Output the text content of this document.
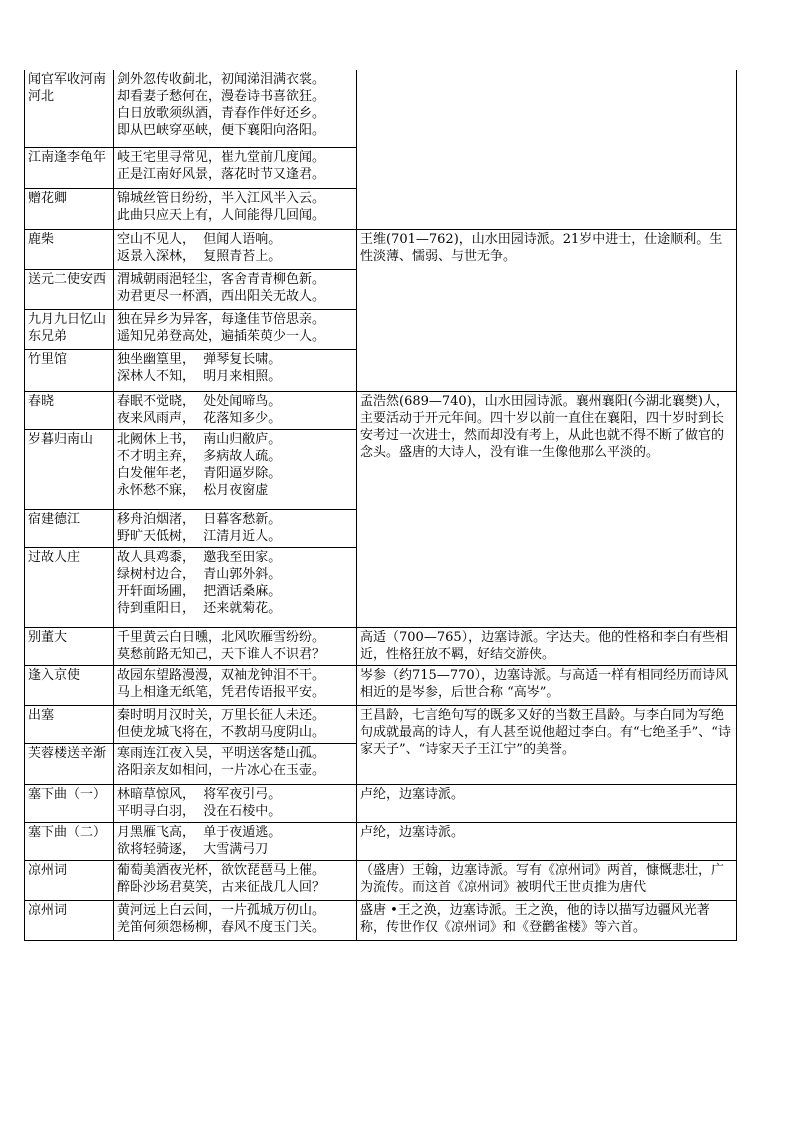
闻官军收河南河北	剑外忽传收蓟北，初闻涕泪满衣裳。
却看妻子愁何在，漫卷诗书喜欲狂。
白日放歌须纵酒，青春作伴好还乡。
即从巴峡穿巫峡，便下襄阳向洛阳。	

江南逢李龟年	岐王宅里寻常见，崔九堂前几度闻。
正是江南好风景，落花时节又逢君。	

赠花卿	锦城丝管日纷纷，半入江风半入云。
此曲只应天上有，人间能得几回闻。	

鹿柴	空山不见人，  但闻人语响。
返景入深林，  复照青苔上。	王维(701—762)，山水田园诗派。21岁中进士，仕途顺利。生性淡薄、懦弱、与世无争。
送元二使安西	渭城朝雨浥轻尘，客舍青青柳色新。
劝君更尽一杯酒，西出阳关无故人。	

九月九日忆山东兄弟	独在异乡为异客，每逢佳节倍思亲。
遥知兄弟登高处，遍插茱萸少一人。	

竹里馆	独坐幽篁里，  弹琴复长啸。
深林人不知，  明月来相照。	

春晓	春眠不觉晓，  处处闻啼鸟。
夜来风雨声，  花落知多少。	孟浩然(689—740)，山水田园诗派。襄州襄阳(今湖北襄樊)人，主要活动于开元年间。四十岁以前一直住在襄阳，四十岁时到长安考过一次进士，然而却没有考上，从此也就不得不断了做官的念头。盛唐的大诗人，没有谁一生像他那么平淡的。
岁暮归南山	北阙休上书，  南山归敝庐。
不才明主弃，  多病故人疏。
白发催年老，  青阳逼岁除。
永怀愁不寐，  松月夜窗虚	

宿建德江	移舟泊烟渚，  日暮客愁新。
野旷天低树，  江清月近人。	

过故人庄	故人具鸡黍，  邀我至田家。
绿树村边合，  青山郭外斜。
开轩面场圃，  把酒话桑麻。
待到重阳日，  还来就菊花。	

别董大	千里黄云白日曛，北风吹雁雪纷纷。
莫愁前路无知己，天下谁人不识君？	高适（700—765），边塞诗派。字达夫。他的性格和李白有些相近，性格狂放不羁，好结交游侠。
逢入京使	故园东望路漫漫，双袖龙钟泪不干。
马上相逢无纸笔，凭君传语报平安。	岑参（约715—770），边塞诗派。与高适一样有相同经历而诗风相近的是岑参，后世合称 “高岑”。
出塞	秦时明月汉时关，万里长征人未还。
但使龙城飞将在，不教胡马度阴山。	王昌龄，七言绝句写的既多又好的当数王昌龄。与李白同为写绝句成就最高的诗人，有人甚至说他超过李白。有“七绝圣手”、“诗家天子”、“诗家天子王江宁”的美誉。
芙蓉楼送辛渐	寒雨连江夜入吴，平明送客楚山孤。
洛阳亲友如相问，一片冰心在玉壶。	

塞下曲（一）	林暗草惊风，  将军夜引弓。
平明寻白羽，  没在石棱中。	卢纶，边塞诗派。
塞下曲（二）	月黑雁飞高，  单于夜遁逃。
欲将轻骑逐，  大雪满弓刀	卢纶，边塞诗派。
凉州词	葡萄美酒夜光杯，欲饮琵琶马上催。
醉卧沙场君莫笑，古来征战几人回？	（盛唐）王翰，边塞诗派。写有《凉州词》两首，慷慨悲壮，广为流传。而这首《凉州词》被明代王世贞推为唐代
凉州词	黄河远上白云间，一片孤城万仞山。
羌笛何须怨杨柳，春风不度玉门关。	盛唐 •王之涣，边塞诗派。王之涣，他的诗以描写边疆风光著称，传世作仅《凉州词》和《登鹳雀楼》等六首。
